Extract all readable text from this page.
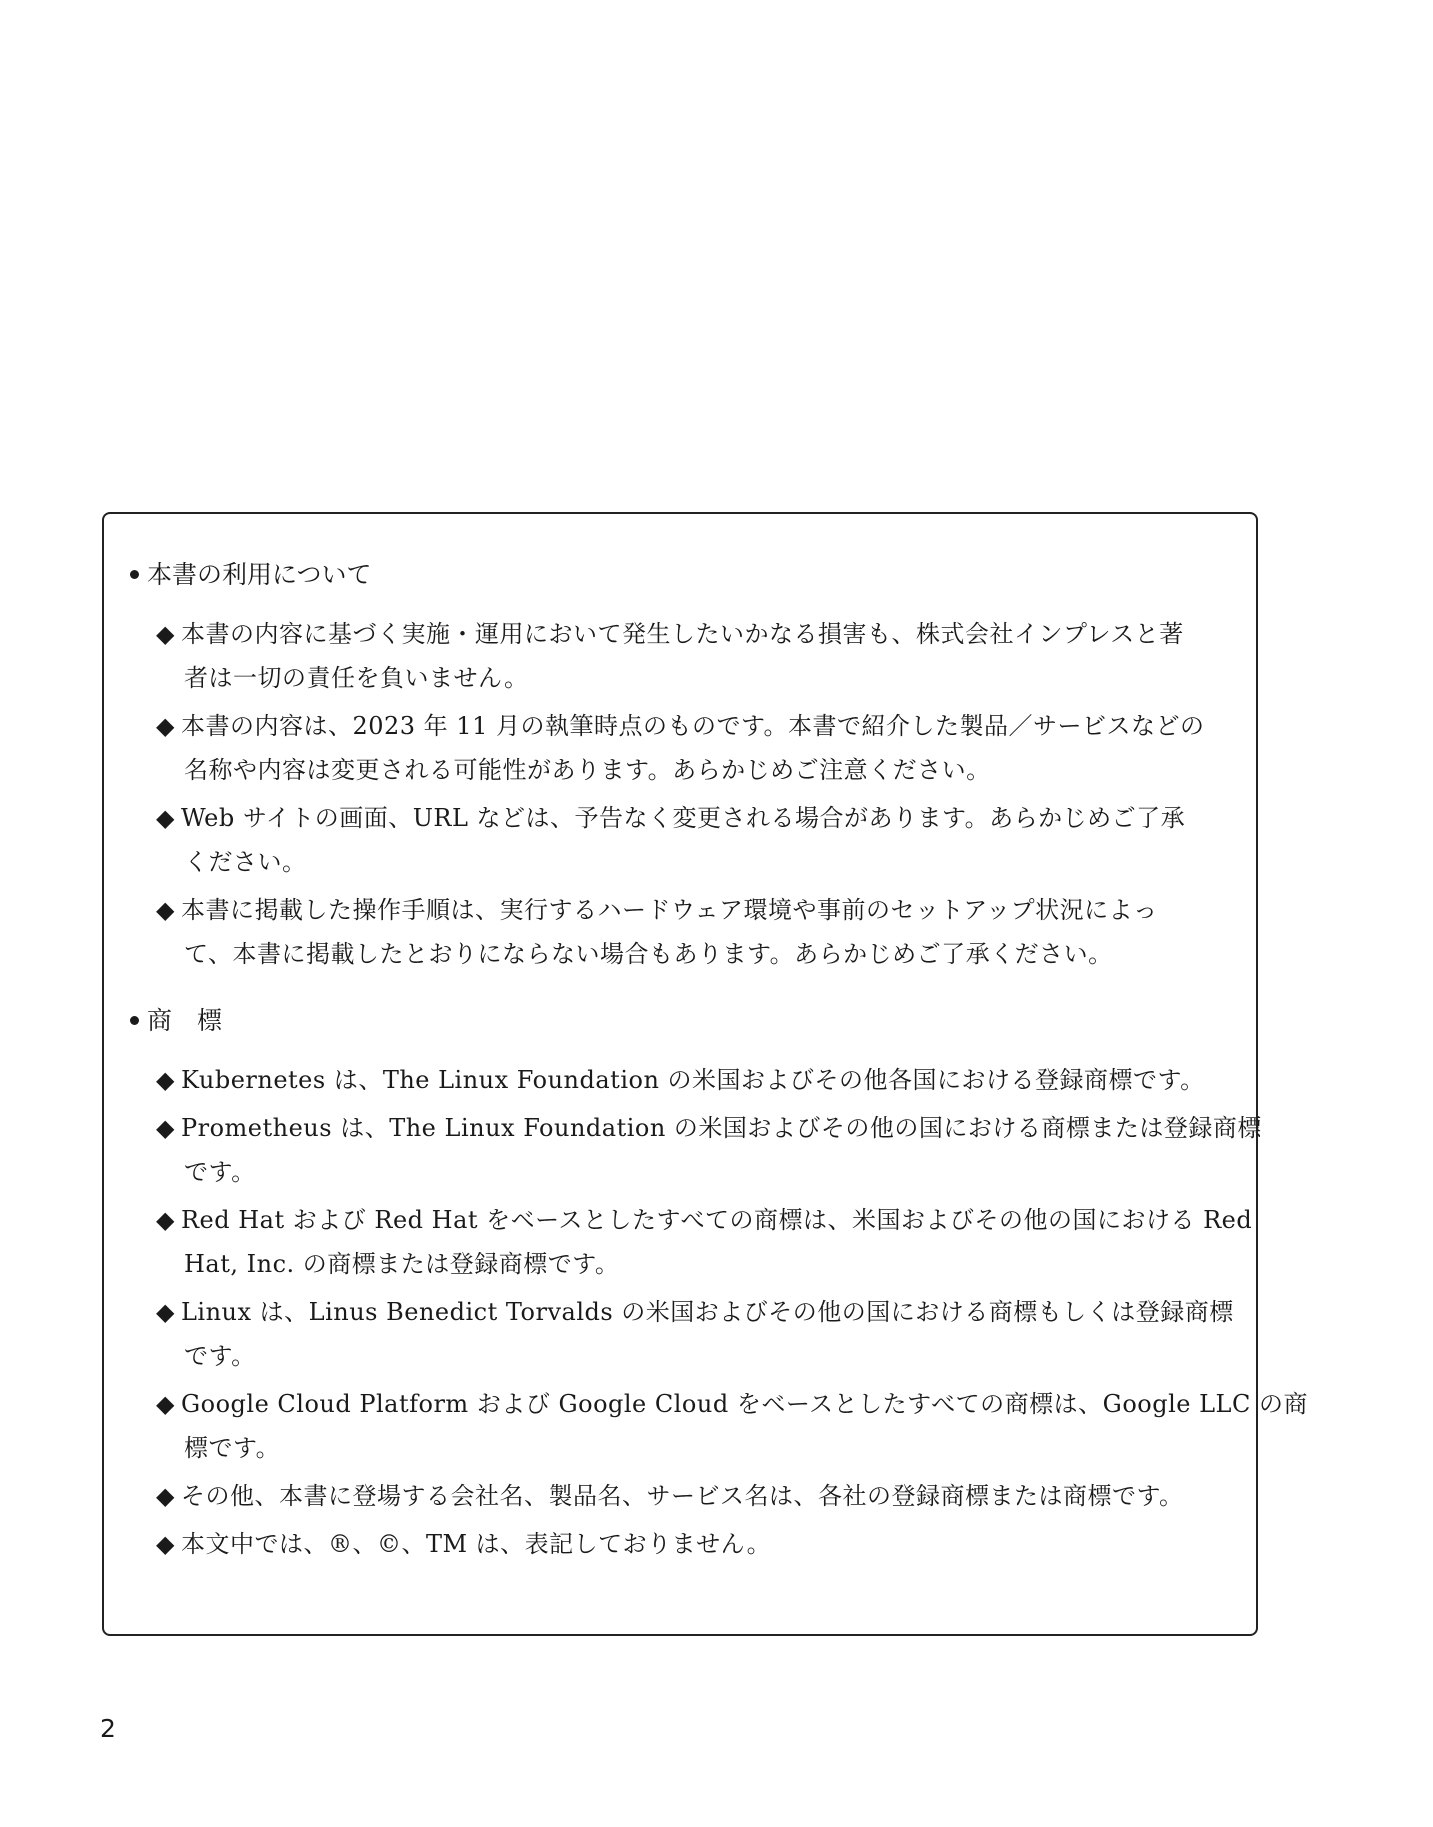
本書の利用について
◆ 本書の内容に基づく実施・運用において発生したいかなる損害も、株式会社インプレスと著
者は一切の責任を負いません。
◆ 本書の内容は、2023 年 11 月の執筆時点のものです。本書で紹介した製品／サービスなどの
名称や内容は変更される可能性があります。あらかじめご注意ください。
◆ Web サイトの画面、URL などは、予告なく変更される場合があります。あらかじめご了承
ください。
◆ 本書に掲載した操作手順は、実行するハードウェア環境や事前のセットアップ状況によっ
て、本書に掲載したとおりにならない場合もあります。あらかじめご了承ください。
商　標
◆ Kubernetes は、The Linux Foundation の米国およびその他各国における登録商標です。
◆ Prometheus は、The Linux Foundation の米国およびその他の国における商標または登録商標
です。
◆ Red Hat および Red Hat をベースとしたすべての商標は、米国およびその他の国における Red
Hat, Inc. の商標または登録商標です。
◆ Linux は、Linus Benedict Torvalds の米国およびその他の国における商標もしくは登録商標
です。
◆ Google Cloud Platform および Google Cloud をベースとしたすべての商標は、Google LLC の商
標です。
◆ その他、本書に登場する会社名、製品名、サービス名は、各社の登録商標または商標です。
◆ 本文中では、®、©、TM は、表記しておりません。
2
